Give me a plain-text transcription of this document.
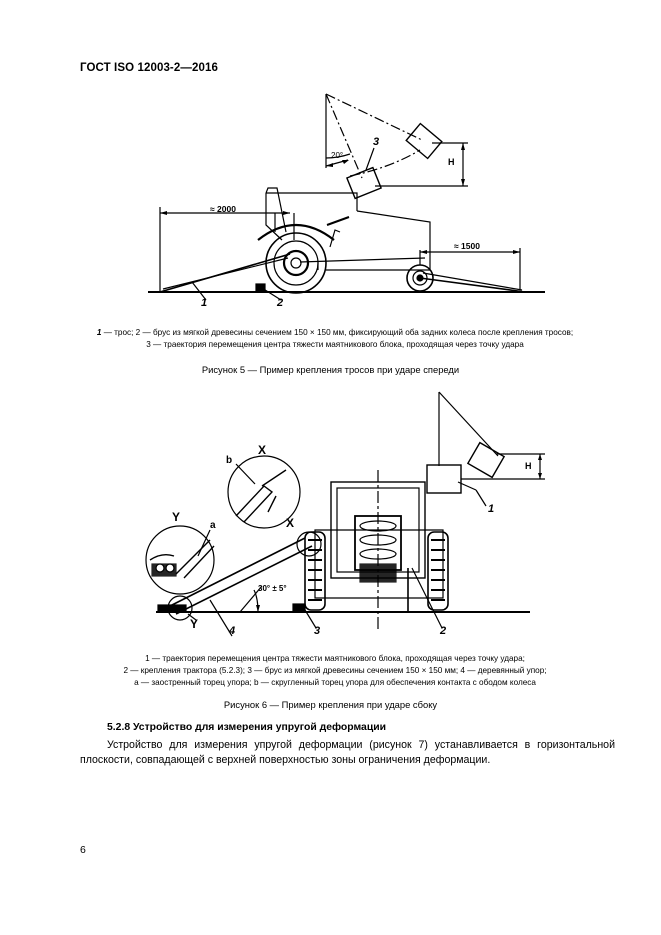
ГОСТ ISO 12003-2—2016
≈ 2000
≈ 1500
20°
H
1	2
3
1 — трос; 2 — брус из мягкой древесины сечением 150 × 150 мм, фиксирующий оба задних колеса после крепления тросов;
3 — траектория перемещения центра тяжести маятникового блока, проходящая через точку удара
Рисунок 5 — Пример крепления тросов при ударе спереди
b
X
Y
a	X
30° ± 5°
Y
H
1
2
3
4
1 — траектория перемещения центра тяжести маятникового блока, проходящая через точку удара;
2 — крепления трактора (5.2.3); 3 — брус из мягкой древесины сечением 150 × 150 мм; 4 — деревянный упор;
a — заостренный торец упора; b — скругленный торец упора для обеспечения контакта с ободом колеса
Рисунок 6 — Пример крепления при ударе сбоку
5.2.8 Устройство для измерения упругой деформации
Устройство для измерения упругой деформации (рисунок 7) устанавливается в горизонтальной плоскости, совпадающей с верхней поверхностью зоны ограничения деформации.
6
